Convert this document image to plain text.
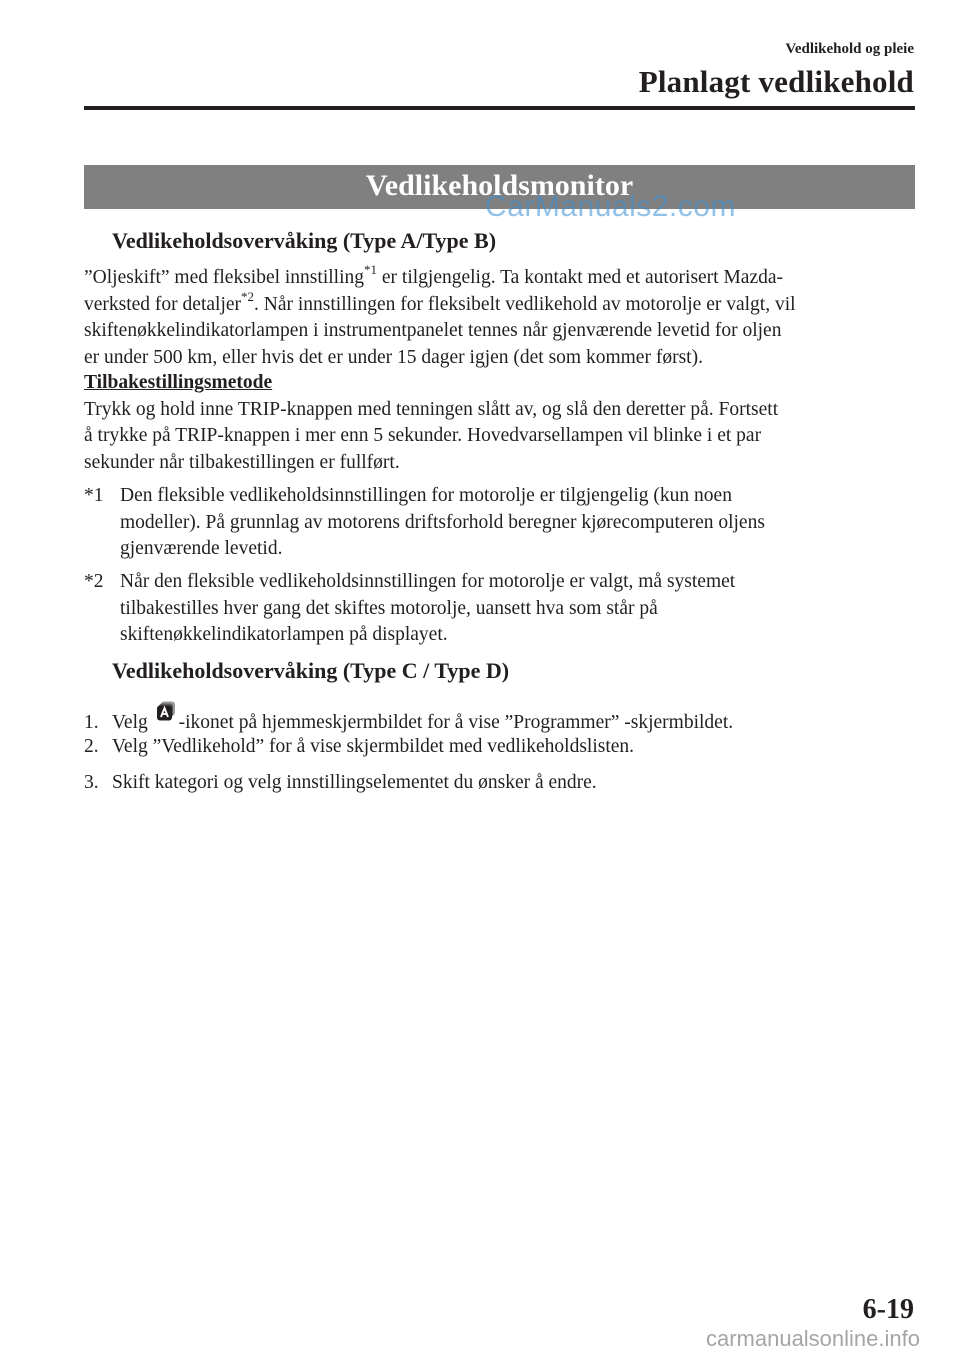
Vedlikehold og pleie
Planlagt vedlikehold
Vedlikeholdsmonitor
CarManuals2.com
Vedlikeholdsovervåking (Type A/Type B)
”Oljeskift” med fleksibel innstilling$^{*1}$ er tilgjengelig. Ta kontakt med et autorisert Mazda-
verksted for detaljer$^{*2}$. Når innstillingen for fleksibelt vedlikehold av motorolje er valgt, vil
skiftenøkkelindikatorlampen i instrumentpanelet tennes når gjenværende levetid for oljen
er under 500 km, eller hvis det er under 15 dager igjen (det som kommer først).
Tilbakestillingsmetode
Trykk og hold inne TRIP-knappen med tenningen slått av, og slå den deretter på. Fortsett
å trykke på TRIP-knappen i mer enn 5 sekunder. Hovedvarsellampen vil blinke i et par
sekunder når tilbakestillingen er fullført.
*1 Den fleksible vedlikeholdsinnstillingen for motorolje er tilgjengelig (kun noen
modeller). På grunnlag av motorens driftsforhold beregner kjørecomputeren oljens
gjenværende levetid.
*2 Når den fleksible vedlikeholdsinnstillingen for motorolje er valgt, må systemet
tilbakestilles hver gang det skiftes motorolje, uansett hva som står på
skiftenøkkelindikatorlampen på displayet.
Vedlikeholdsovervåking (Type C / Type D)
1. Velg -ikonet på hjemmeskjermbildet for å vise ”Programmer” -skjermbildet.
2. Velg ”Vedlikehold” for å vise skjermbildet med vedlikeholdslisten.
3. Skift kategori og velg innstillingselementet du ønsker å endre.
6-19
carmanualsonline.info
